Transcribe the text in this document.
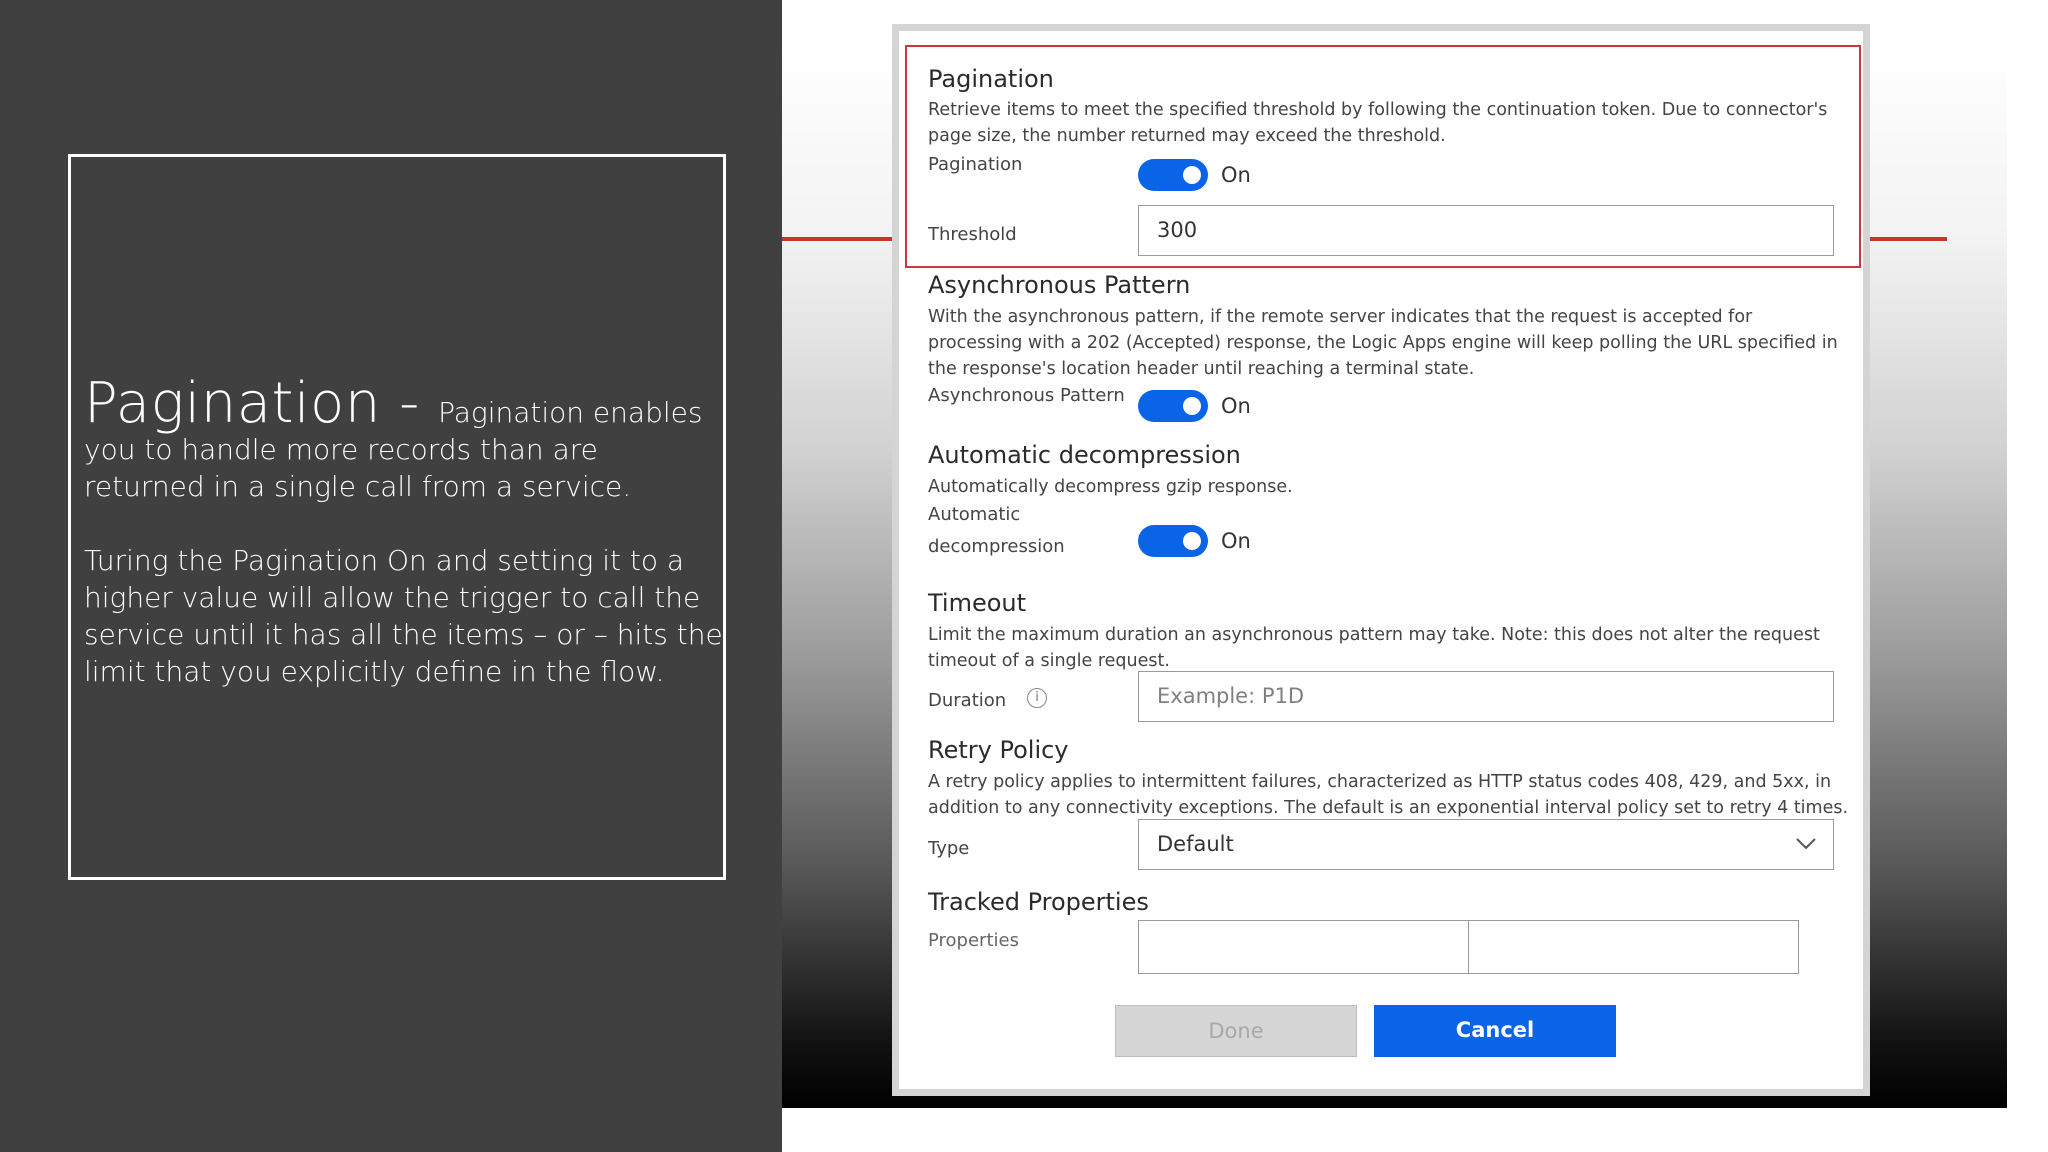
Pagination - Pagination enables

you to handle more records than are returned in a single call from a service.

Turing the Pagination On and setting it to a higher value will allow the trigger to call the service until it has all the items – or – hits the limit that you explicitly define in the flow.

Pagination
Retrieve items to meet the specified threshold by following the continuation token. Due to connector's page size, the number returned may exceed the threshold.
Pagination	On
Threshold	300
Asynchronous Pattern
With the asynchronous pattern, if the remote server indicates that the request is accepted for processing with a 202 (Accepted) response, the Logic Apps engine will keep polling the URL specified in the response's location header until reaching a terminal state.
Asynchronous Pattern	On
Automatic decompression
Automatically decompress gzip response.
Automatic
decompression	On
Timeout
Limit the maximum duration an asynchronous pattern may take. Note: this does not alter the request timeout of a single request.
Duration	i	Example: P1D
Retry Policy
A retry policy applies to intermittent failures, characterized as HTTP status codes 408, 429, and 5xx, in addition to any connectivity exceptions. The default is an exponential interval policy set to retry 4 times.
Type	Default
Tracked Properties
Properties
Done	Cancel
